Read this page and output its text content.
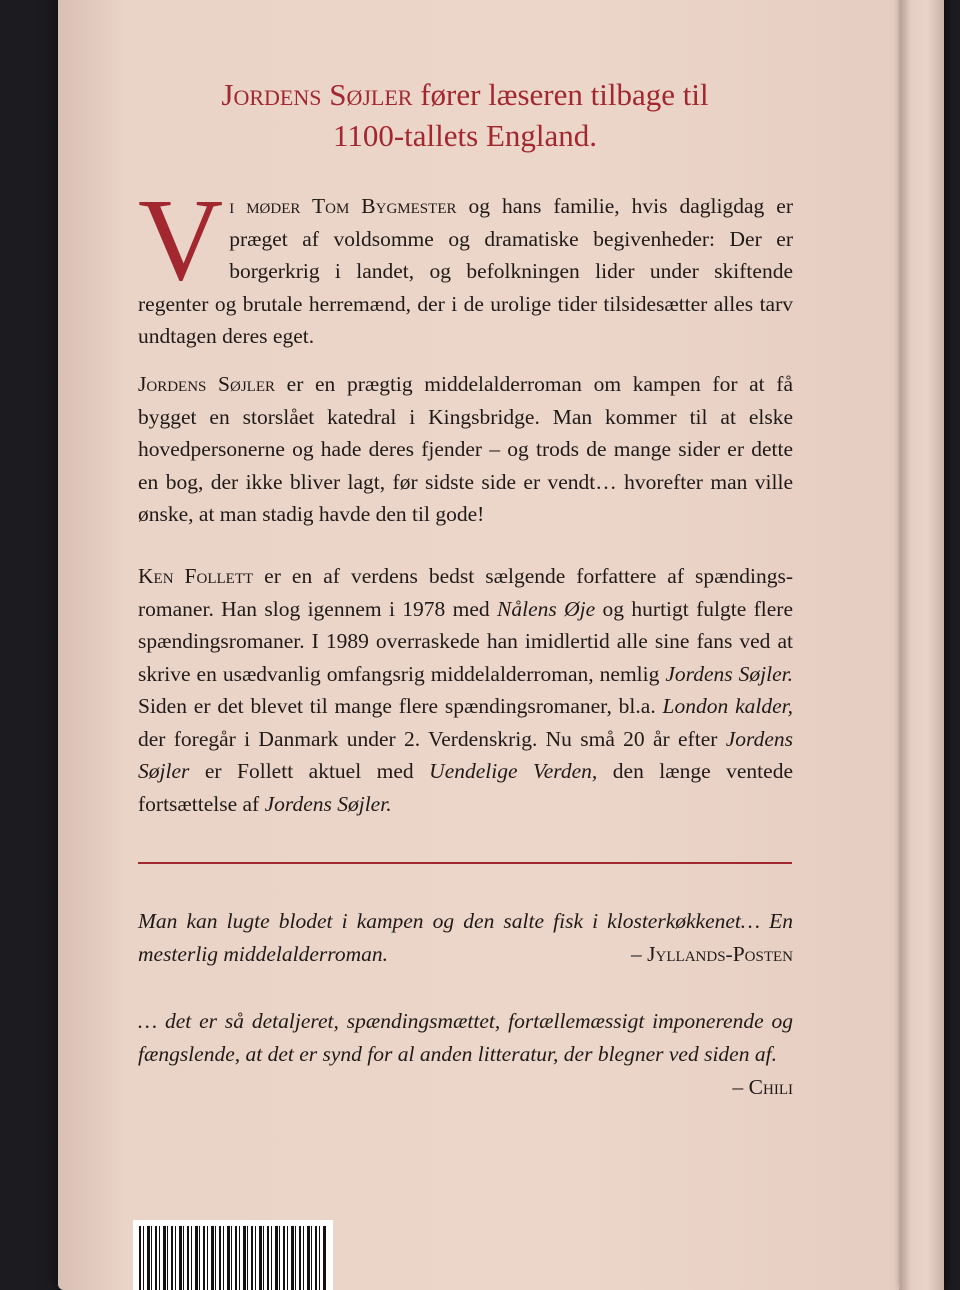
Jordens Søjler fører læseren tilbage til
1100-tallets England.

Vi møder Tom Bygmester og hans familie, hvis dagligdag er præget af voldsomme og dramatiske begivenheder: Der er borgerkrig i landet, og befolkningen lider under skiftende regenter og brutale herremænd, der i de urolige tider tilsidesætter alles tarv undtagen deres eget.

Jordens Søjler er en prægtig middelalderroman om kampen for at få bygget en storslået katedral i Kingsbridge. Man kommer til at elske hovedpersonerne og hade deres fjender – og trods de mange sider er dette en bog, der ikke bliver lagt, før sidste side er vendt… hvorefter man ville ønske, at man stadig havde den til gode!

Ken Follett er en af verdens bedst sælgende forfattere af spændingsromaner. Han slog igennem i 1978 med Nålens Øje og hurtigt fulgte flere spændingsromaner. I 1989 overraskede han imidlertid alle sine fans ved at skrive en usædvanlig omfangsrig middelalderroman, nemlig Jordens Søjler. Siden er det blevet til mange flere spændingsromaner, bl.a. London kalder, der foregår i Danmark under 2. Verdenskrig. Nu små 20 år efter Jordens Søjler er Follett aktuel med Uendelige Verden, den længe ventede fortsættelse af Jordens Søjler.

Man kan lugte blodet i kampen og den salte fisk i klosterkøkkenet… En mesterlig middelalderroman.	– Jyllands-Posten

… det er så detaljeret, spændingsmættet, fortællemæssigt imponerende og fængslende, at det er synd for al anden litteratur, der blegner ved siden af.
– Chili
